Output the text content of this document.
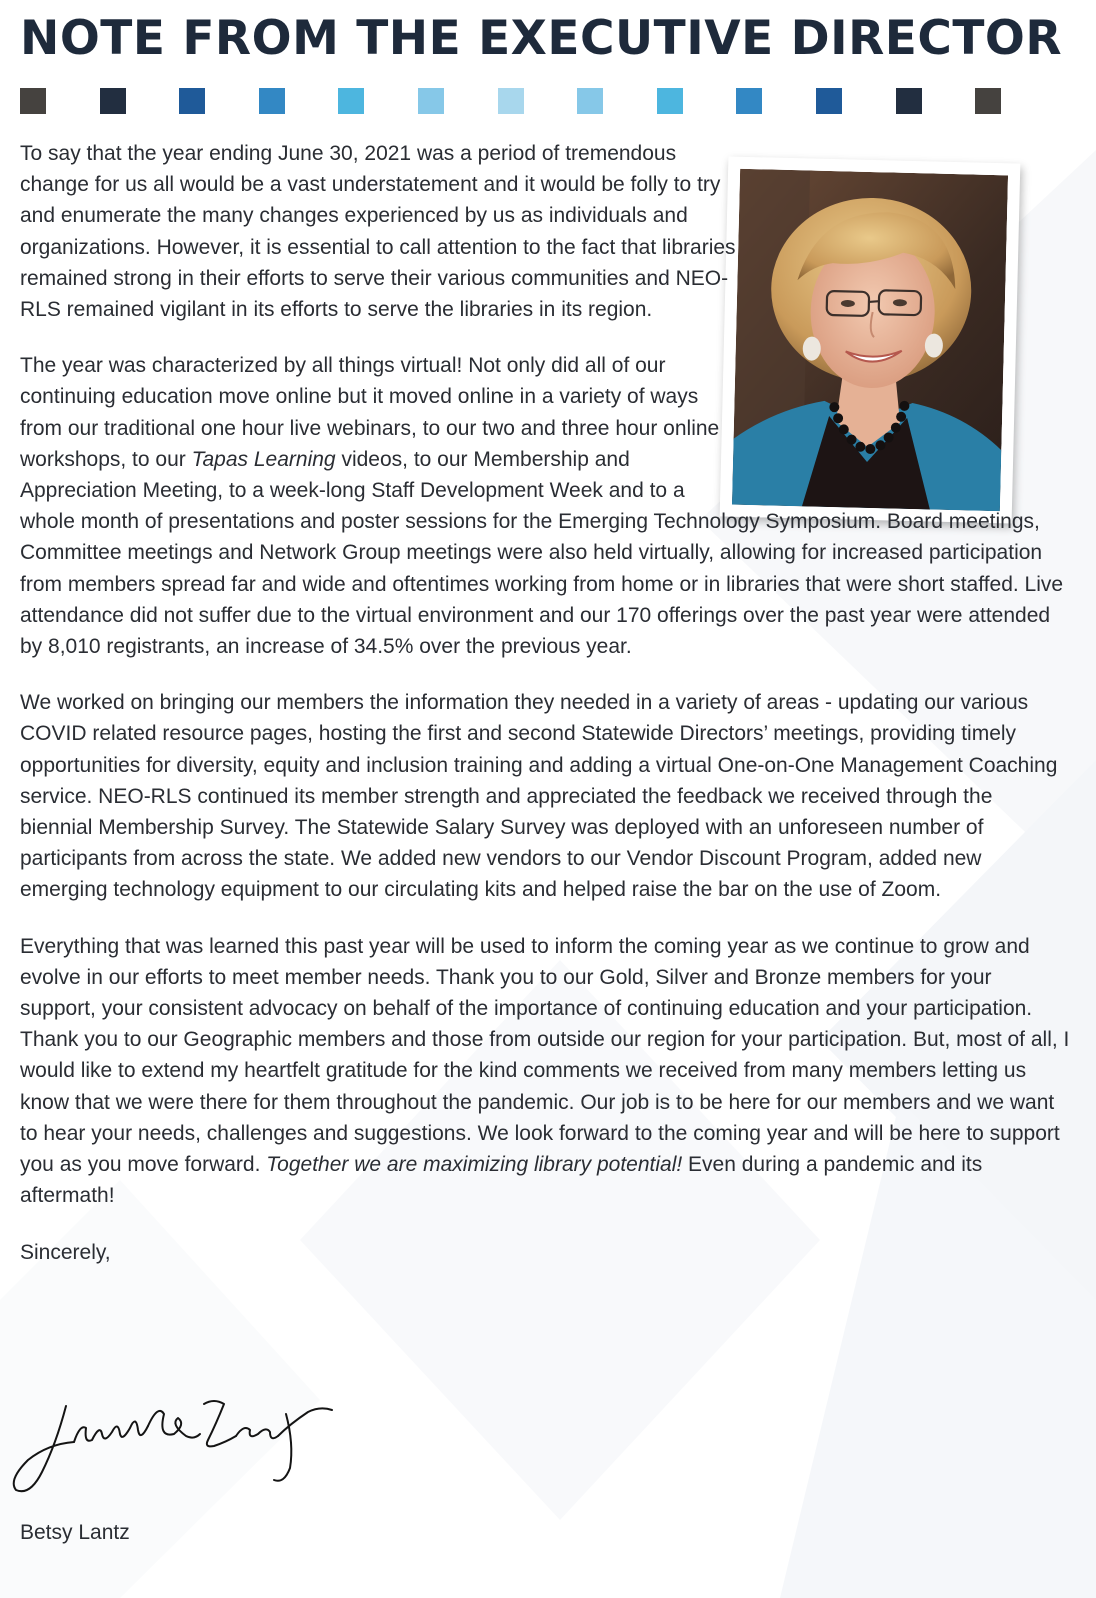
NOTE FROM THE EXECUTIVE DIRECTOR

To say that the year ending June 30, 2021 was a period of tremendous change for us all would be a vast understatement and it would be folly to try and enumerate the many changes experienced by us as individuals and organizations. However, it is essential to call attention to the fact that libraries remained strong in their efforts to serve their various communities and NEO-RLS remained vigilant in its efforts to serve the libraries in its region.

The year was characterized by all things virtual! Not only did all of our continuing education move online but it moved online in a variety of ways from our traditional one hour live webinars, to our two and three hour online workshops, to our Tapas Learning videos, to our Membership and Appreciation Meeting, to a week-long Staff Development Week and to a whole month of presentations and poster sessions for the Emerging Technology Symposium. Board meetings, Committee meetings and Network Group meetings were also held virtually, allowing for increased participation from members spread far and wide and oftentimes working from home or in libraries that were short staffed. Live attendance did not suffer due to the virtual environment and our 170 offerings over the past year were attended by 8,010 registrants, an increase of 34.5% over the previous year.

We worked on bringing our members the information they needed in a variety of areas - updating our various COVID related resource pages, hosting the first and second Statewide Directors’ meetings, providing timely opportunities for diversity, equity and inclusion training and adding a virtual One-on-One Management Coaching service. NEO-RLS continued its member strength and appreciated the feedback we received through the biennial Membership Survey. The Statewide Salary Survey was deployed with an unforeseen number of participants from across the state. We added new vendors to our Vendor Discount Program, added new emerging technology equipment to our circulating kits and helped raise the bar on the use of Zoom.

Everything that was learned this past year will be used to inform the coming year as we continue to grow and evolve in our efforts to meet member needs. Thank you to our Gold, Silver and Bronze members for your support, your consistent advocacy on behalf of the importance of continuing education and your participation. Thank you to our Geographic members and those from outside our region for your participation. But, most of all, I would like to extend my heartfelt gratitude for the kind comments we received from many members letting us know that we were there for them throughout the pandemic. Our job is to be here for our members and we want to hear your needs, challenges and suggestions. We look forward to the coming year and will be here to support you as you move forward. Together we are maximizing library potential! Even during a pandemic and its aftermath!

Sincerely,

Betsy Lantz
